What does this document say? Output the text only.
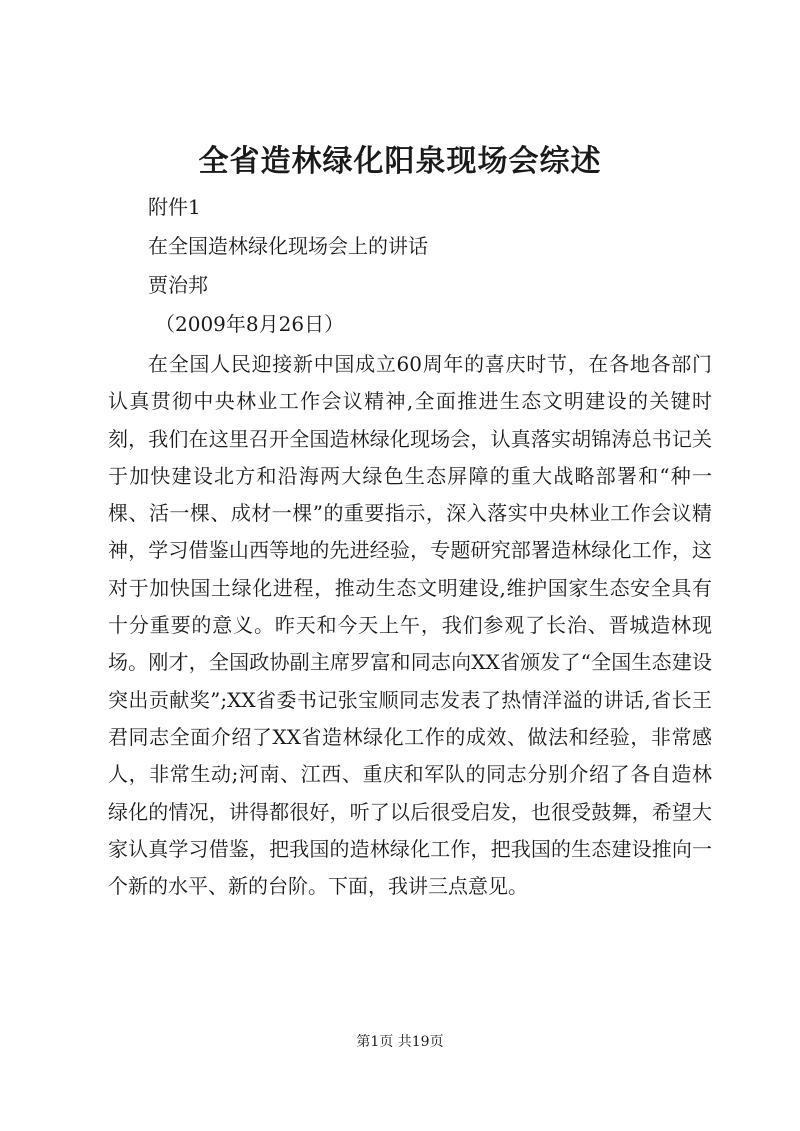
全省造林绿化阳泉现场会综述
附件1
在全国造林绿化现场会上的讲话
贾治邦
（2009年8月26日）

在全国人民迎接新中国成立60周年的喜庆时节，在各地各部门认真贯彻中央林业工作会议精神,全面推进生态文明建设的关键时刻，我们在这里召开全国造林绿化现场会，认真落实胡锦涛总书记关于加快建设北方和沿海两大绿色生态屏障的重大战略部署和“种一棵、活一棵、成材一棵”的重要指示，深入落实中央林业工作会议精神，学习借鉴山西等地的先进经验，专题研究部署造林绿化工作，这对于加快国土绿化进程，推动生态文明建设,维护国家生态安全具有十分重要的意义。昨天和今天上午，我们参观了长治、晋城造林现场。刚才，全国政协副主席罗富和同志向XX省颁发了“全国生态建设突出贡献奖”;XX省委书记张宝顺同志发表了热情洋溢的讲话,省长王君同志全面介绍了XX省造林绿化工作的成效、做法和经验，非常感人，非常生动;河南、江西、重庆和军队的同志分别介绍了各自造林绿化的情况，讲得都很好，听了以后很受启发，也很受鼓舞，希望大家认真学习借鉴，把我国的造林绿化工作，把我国的生态建设推向一个新的水平、新的台阶。下面，我讲三点意见。

第1页 共19页
